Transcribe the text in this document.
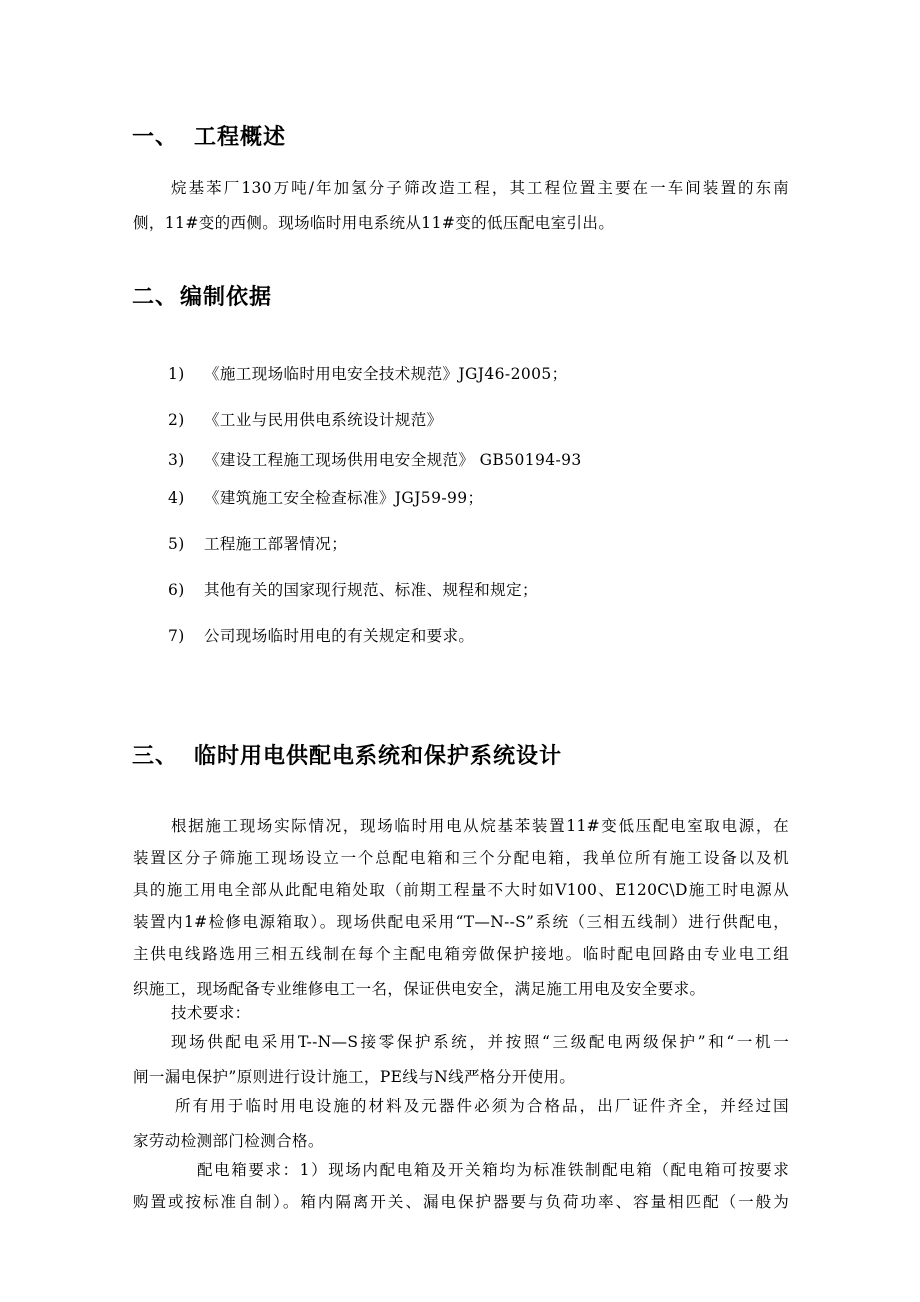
一、 工程概述
烷基苯厂130万吨/年加氢分子筛改造工程，其工程位置主要在一车间装置的东南
侧，11#变的西侧。现场临时用电系统从11#变的低压配电室引出。
二、编制依据
1) 《施工现场临时用电安全技术规范》JGJ46-2005；
2) 《工业与民用供电系统设计规范》
3) 《建设工程施工现场供用电安全规范》 GB50194-93
4) 《建筑施工安全检查标准》JGJ59-99；
5) 工程施工部署情况；
6) 其他有关的国家现行规范、标准、规程和规定；
7) 公司现场临时用电的有关规定和要求。
三、 临时用电供配电系统和保护系统设计
根据施工现场实际情况，现场临时用电从烷基苯装置11#变低压配电室取电源，在
装置区分子筛施工现场设立一个总配电箱和三个分配电箱，我单位所有施工设备以及机
具的施工用电全部从此配电箱处取（前期工程量不大时如V100、E120C\D施工时电源从
装置内1#检修电源箱取）。现场供配电采用“T—N--S”系统（三相五线制）进行供配电，
主供电线路选用三相五线制在每个主配电箱旁做保护接地。临时配电回路由专业电工组
织施工，现场配备专业维修电工一名，保证供电安全，满足施工用电及安全要求。
技术要求：
现场供配电采用T--N—S接零保护系统，并按照“三级配电两级保护”和“一机一
闸一漏电保护”原则进行设计施工，PE线与N线严格分开使用。
所有用于临时用电设施的材料及元器件必须为合格品，出厂证件齐全，并经过国
家劳动检测部门检测合格。
配电箱要求：1）现场内配电箱及开关箱均为标准铁制配电箱（配电箱可按要求
购置或按标准自制）。箱内隔离开关、漏电保护器要与负荷功率、容量相匹配（一般为
